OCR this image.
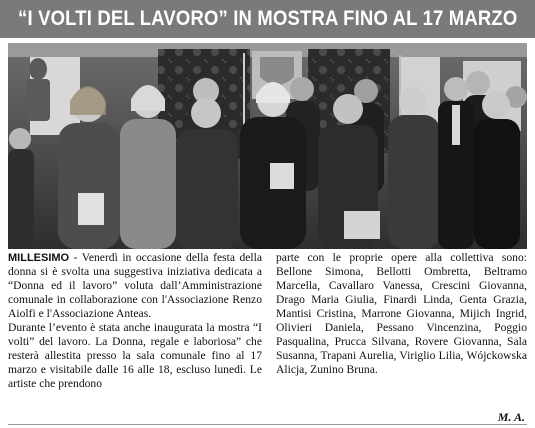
“I VOLTI DEL LAVORO” IN MOSTRA FINO AL 17 MARZO

MILLESIMO - Venerdì in occasione della festa della donna si è svolta una suggestiva iniziativa dedicata a “Donna ed il lavoro” voluta dall’Amministrazione comunale in collaborazione con l'Associazione Renzo Aiolfi e l'Associazione Anteas.

Durante l’evento è stata anche inaugurata la mostra “I volti” del lavoro. La Donna, regale e laboriosa” che resterà allestita presso la sala comunale fino al 17 marzo e visitabile dalle 16 alle 18, escluso lunedì. Le artiste che prendono

parte con le proprie opere alla collettiva sono: Bellone Simona, Bellotti Ombretta, Beltramo Marcella, Cavallaro Vanessa, Crescini Giovanna, Drago Maria Giulia, Finardi Linda, Genta Grazia, Mantisi Cristina, Marrone Giovanna, Mijich Ingrid, Olivieri Daniela, Pessano Vincenzina, Poggio Pasqualina, Prucca Silvana, Rovere Giovanna, Sala Susanna, Trapani Aurelia, Viriglio Lilia, Wójckowska Alicja, Zunino Bruna.

M. A.
